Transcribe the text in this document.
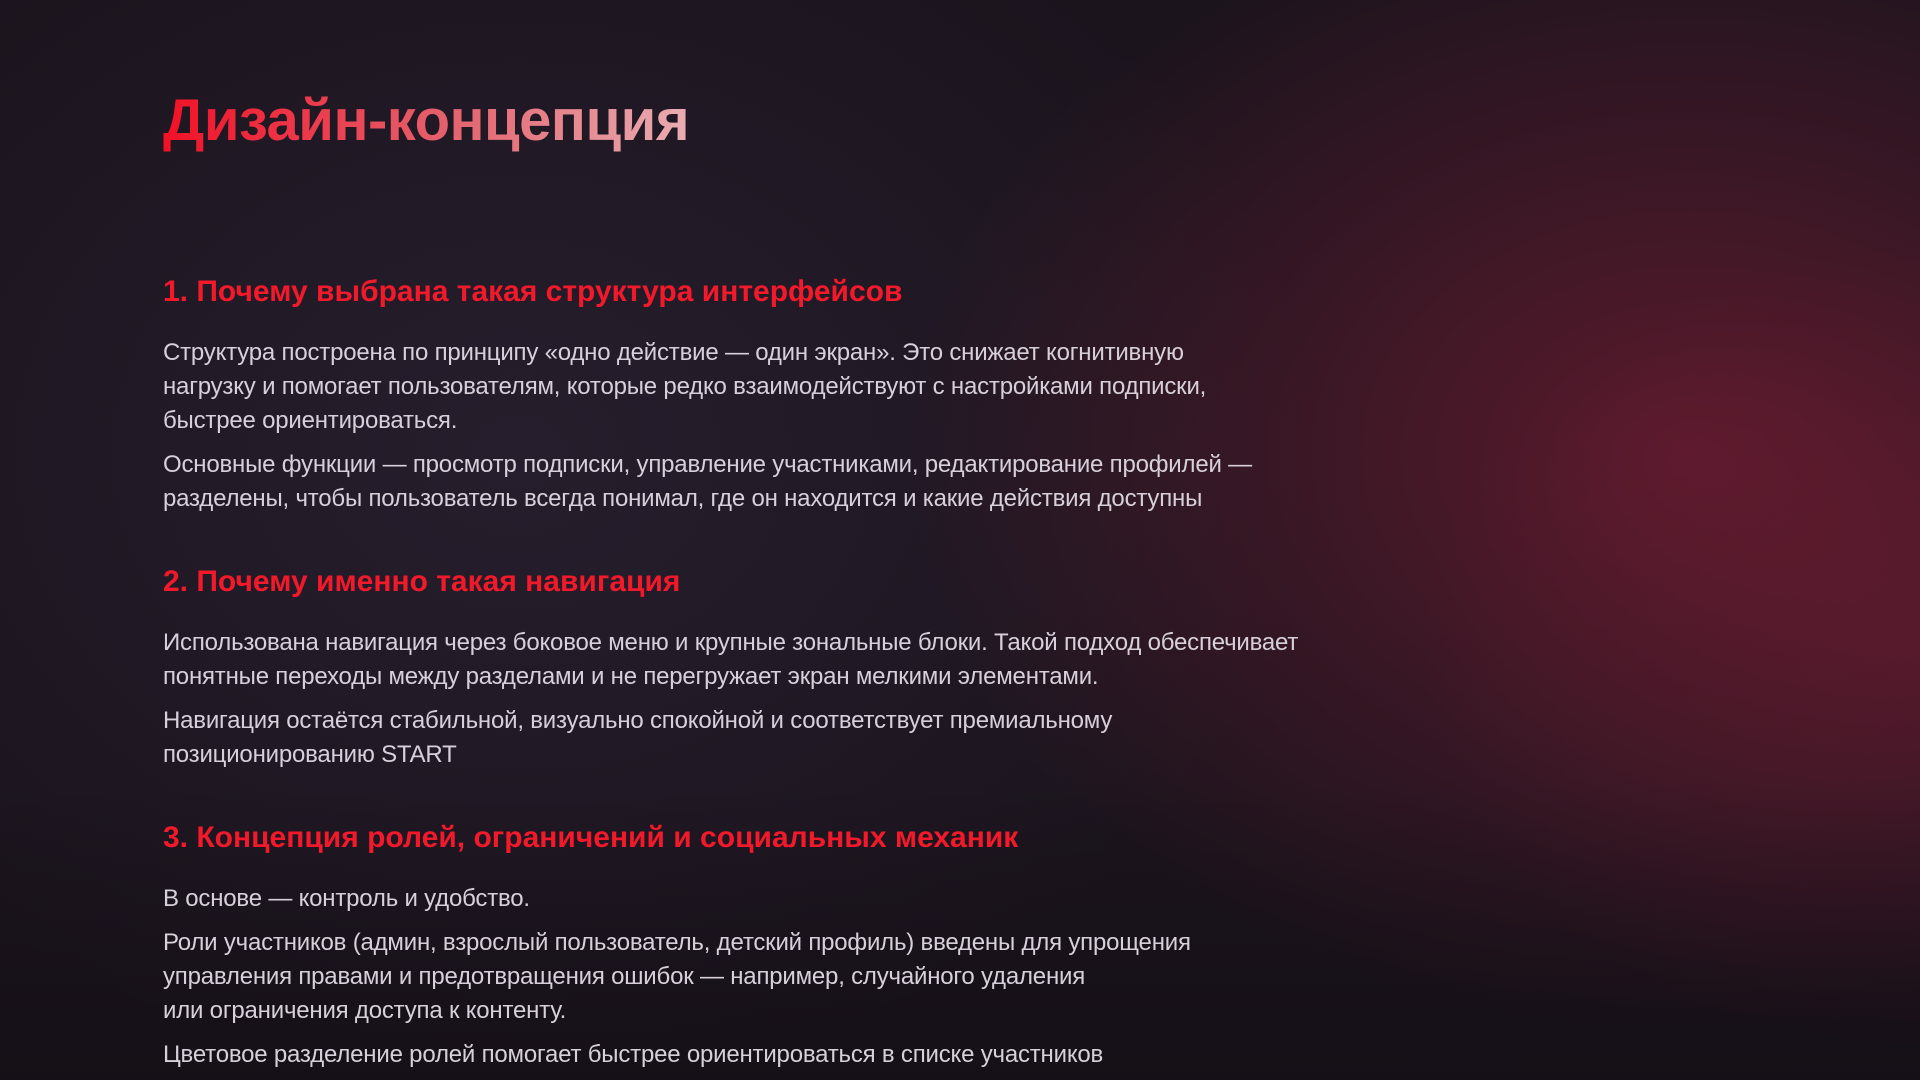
Дизайн-концепция
1. Почему выбрана такая структура интерфейсов
Структура построена по принципу «одно действие — один экран». Это снижает когнитивную
нагрузку и помогает пользователям, которые редко взаимодействуют с настройками подписки,
быстрее ориентироваться.
Основные функции — просмотр подписки, управление участниками, редактирование профилей —
разделены, чтобы пользователь всегда понимал, где он находится и какие действия доступны
2. Почему именно такая навигация
Использована навигация через боковое меню и крупные зональные блоки. Такой подход обеспечивает
понятные переходы между разделами и не перегружает экран мелкими элементами.
Навигация остаётся стабильной, визуально спокойной и соответствует премиальному
позиционированию START
3. Концепция ролей, ограничений и социальных механик
В основе — контроль и удобство.
Роли участников (админ, взрослый пользователь, детский профиль) введены для упрощения
управления правами и предотвращения ошибок — например, случайного удаления
или ограничения доступа к контенту.
Цветовое разделение ролей помогает быстрее ориентироваться в списке участников
